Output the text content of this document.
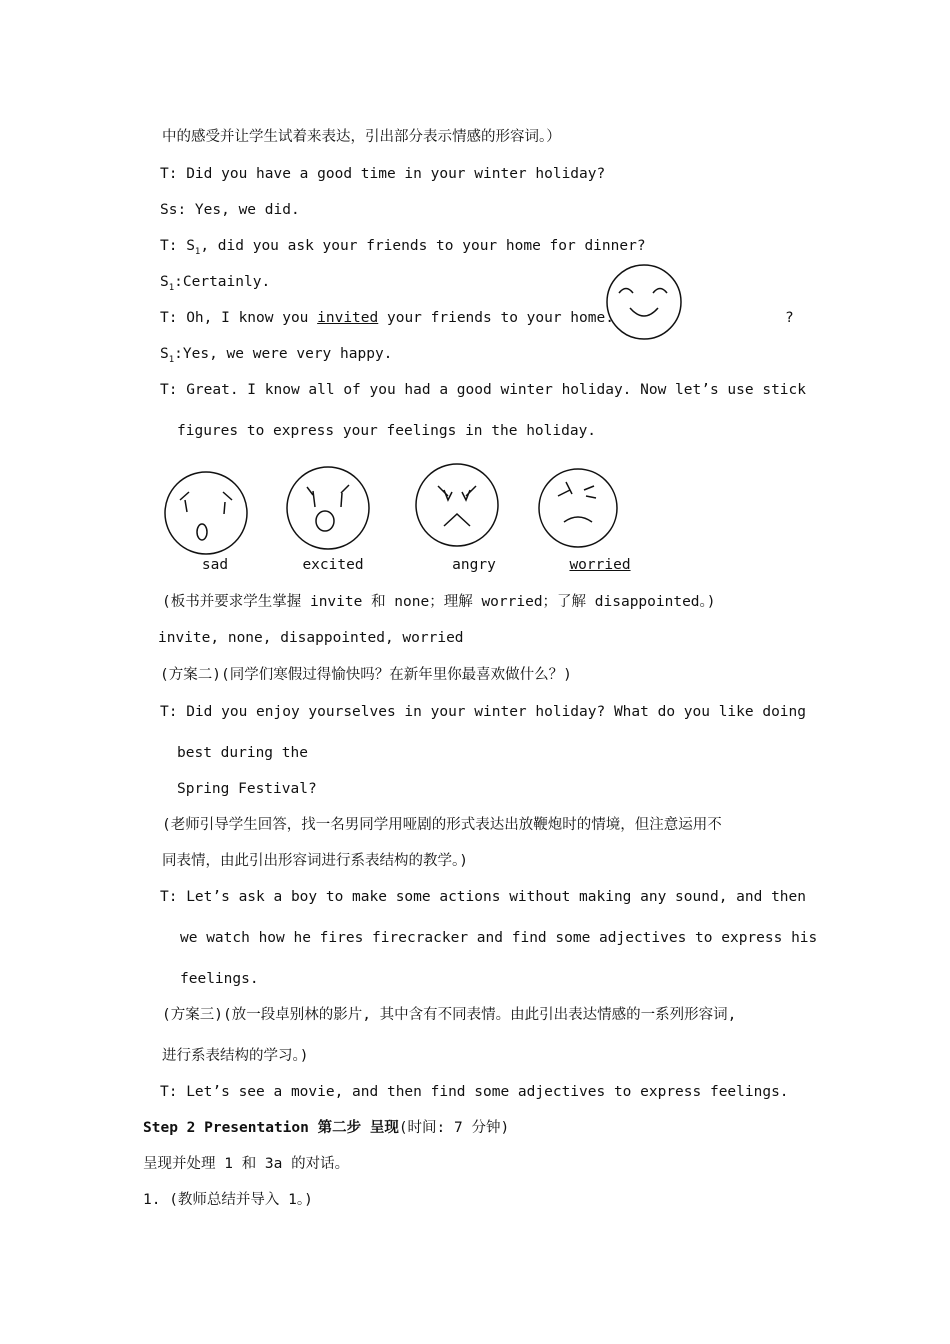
中的感受并让学生试着来表达，引出部分表示情感的形容词。）
T: Did you have a good time in your winter holiday?
Ss: Yes, we did.
T: $S_1$, did you ask your friends to your home for dinner?
$S_1:Certainly$.
T: Oh, I know you invited your friends to your home.	?
$S_1:Yes$, we were very happy.
T: Great. I know all of you had a good winter holiday. Now let’s use stick
figures to express your feelings in the holiday.
sad	excited	angry	worried
(板书并要求学生掌握 invite 和 none；理解 worried；了解 disappointed。)
invite, none, disappointed, worried
(方案二)(同学们寒假过得愉快吗？在新年里你最喜欢做什么？)
T: Did you enjoy yourselves in your winter holiday? What do you like doing
best during the
Spring Festival?
(老师引导学生回答，找一名男同学用哑剧的形式表达出放鞭炮时的情境，但注意运用不
同表情，由此引出形容词进行系表结构的教学。)
T: Let’s ask a boy to make some actions without making any sound, and then
we watch how he fires firecracker and find some adjectives to express his
feelings.
(方案三)(放一段卓别林的影片, 其中含有不同表情。由此引出表达情感的一系列形容词,
进行系表结构的学习。)
T: Let’s see a movie, and then find some adjectives to express feelings.
Step 2 Presentation 第二步 呈现(时间: 7 分钟)
呈现并处理 1 和 3a 的对话。
1. (教师总结并导入 1。)
